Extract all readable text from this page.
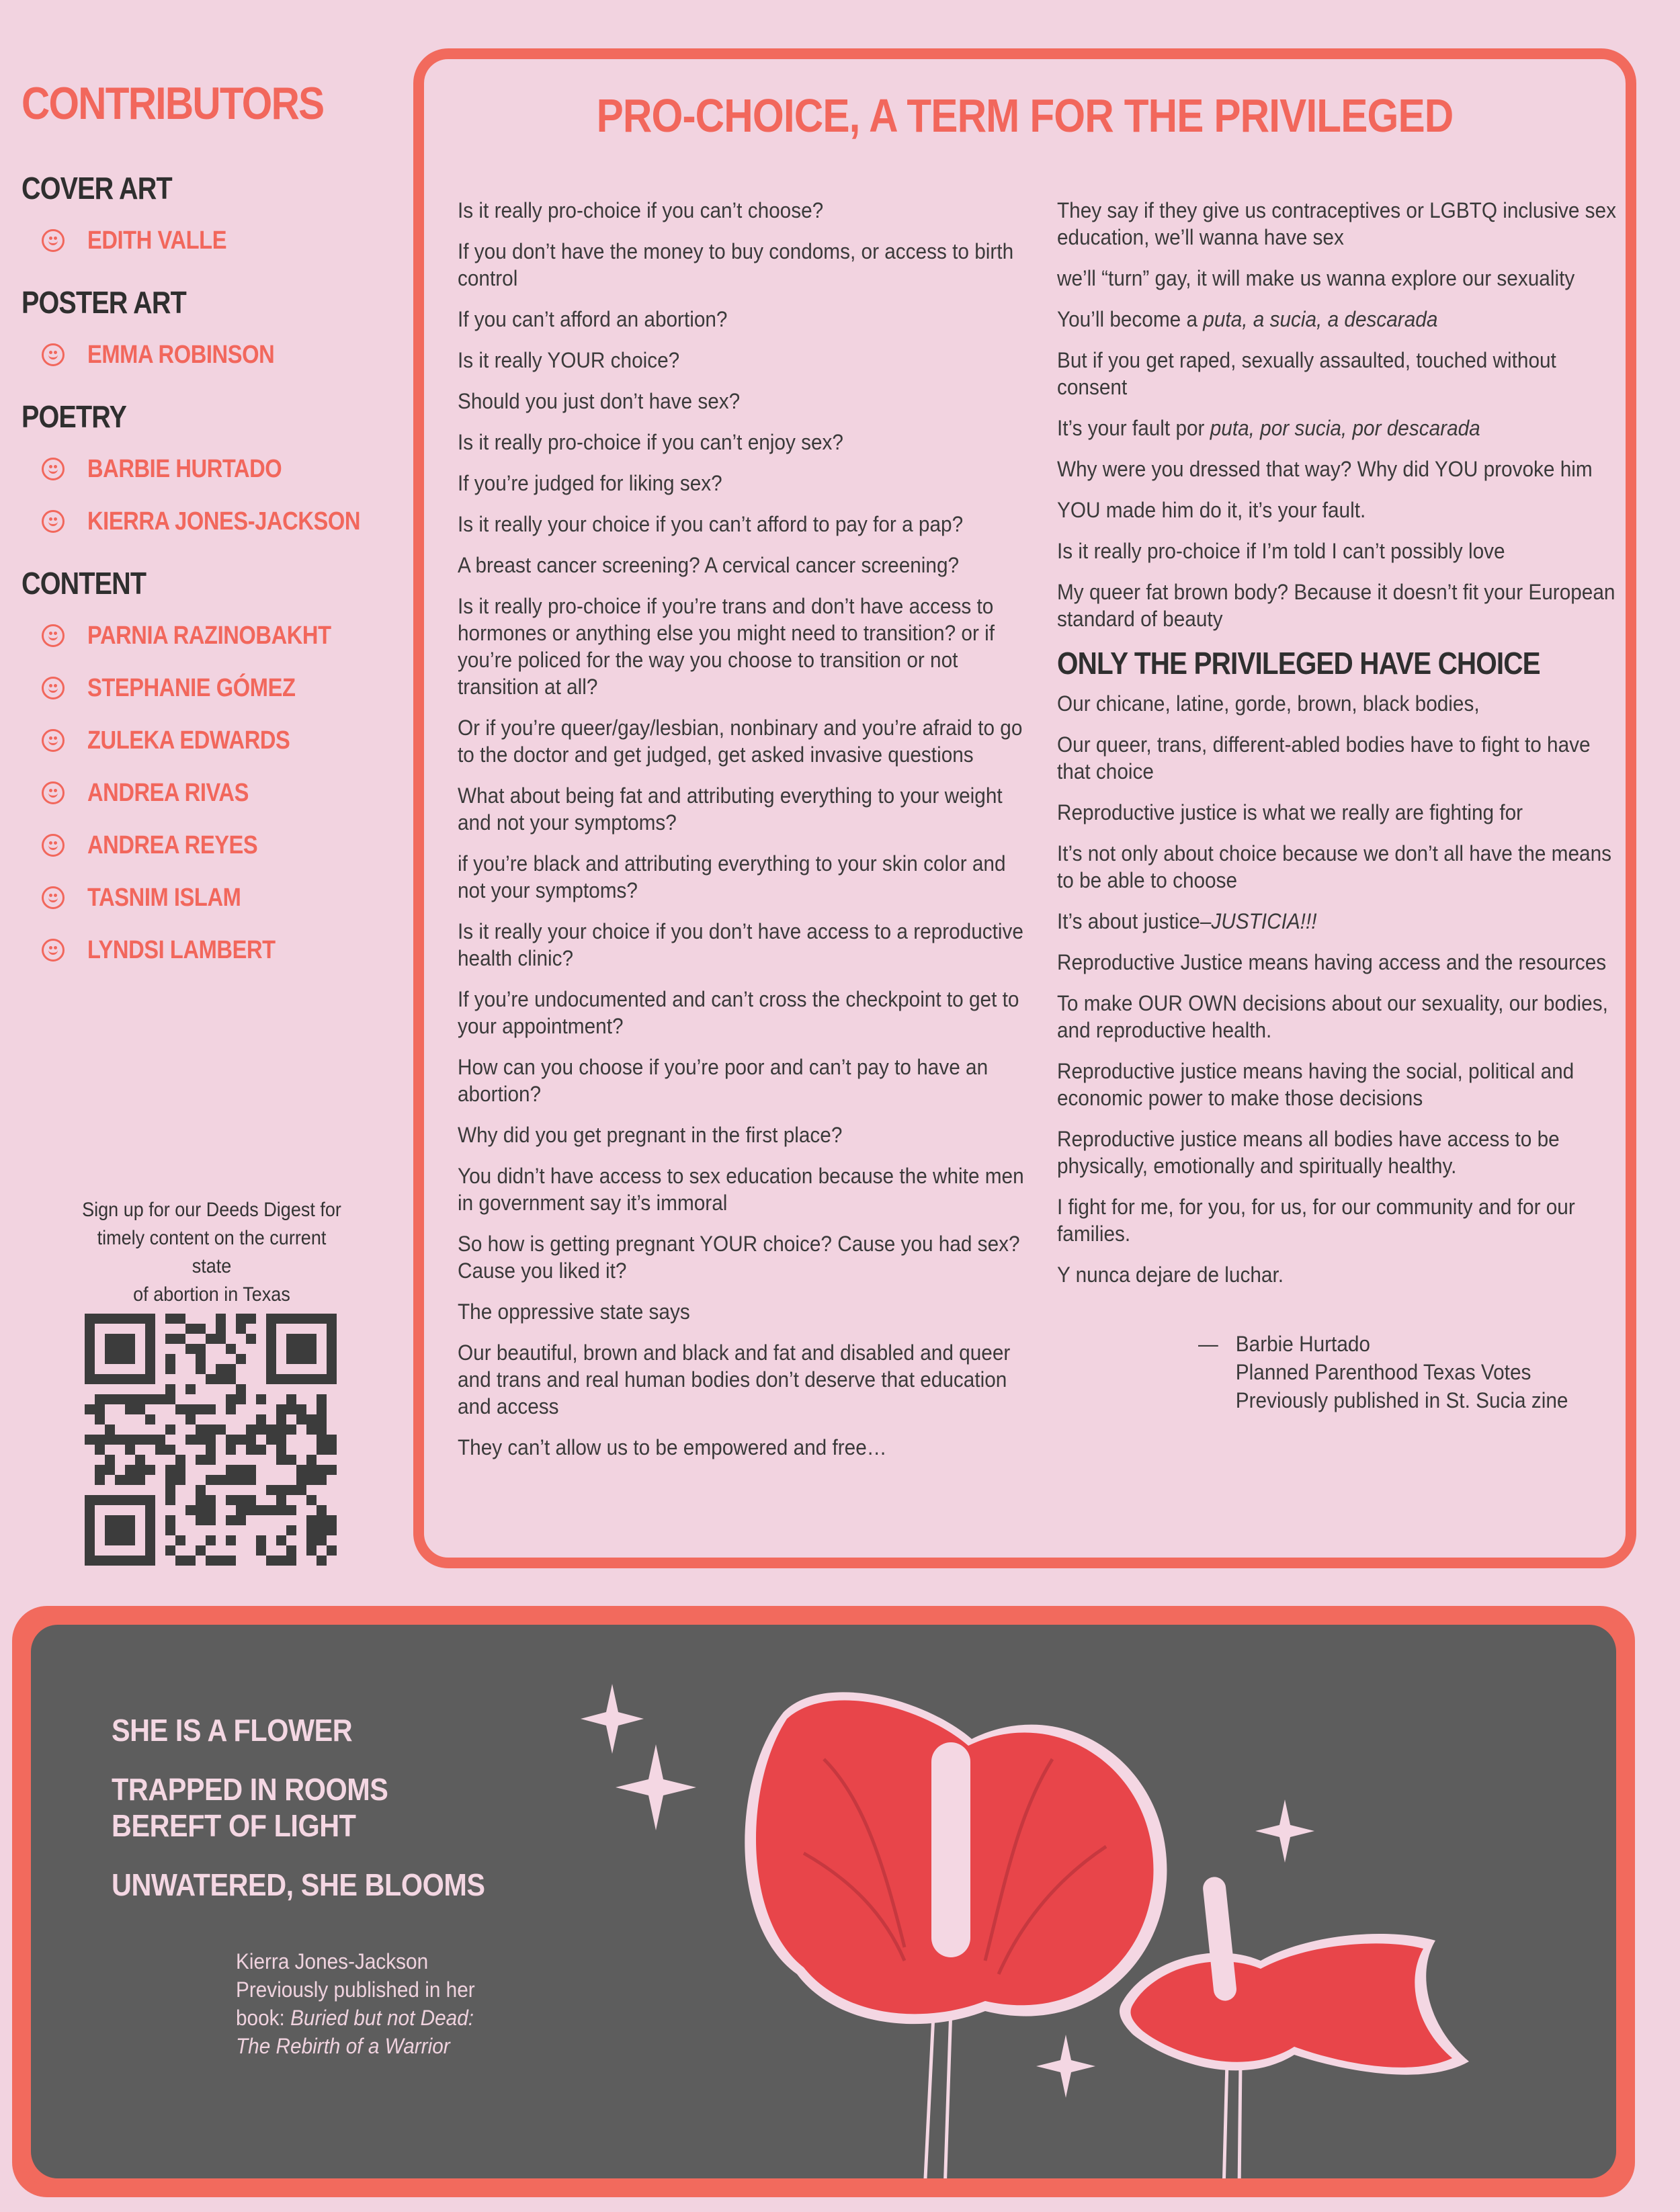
CONTRIBUTORS
COVER ART
EDITH VALLE
POSTER ART
EMMA ROBINSON
POETRY
BARBIE HURTADO
KIERRA JONES-JACKSON
CONTENT
PARNIA RAZINOBAKHT
STEPHANIE GÓMEZ
ZULEKA EDWARDS
ANDREA RIVAS
ANDREA REYES
TASNIM ISLAM
LYNDSI LAMBERT
Sign up for our Deeds Digest for
timely content on the current state
of abortion in Texas
PRO-CHOICE, A TERM FOR THE PRIVILEGED

Is it really pro-choice if you can’t choose?

If you don’t have the money to buy condoms, or access to birth control

If you can’t afford an abortion?

Is it really YOUR choice?

Should you just don’t have sex?

Is it really pro-choice if you can’t enjoy sex?

If you’re judged for liking sex?

Is it really your choice if you can’t afford to pay for a pap?

A breast cancer screening? A cervical cancer screening?

Is it really pro-choice if you’re trans and don’t have access to hormones or anything else you might need to transition? or if you’re policed for the way you choose to transition or not transition at all?

Or if you’re queer/gay/lesbian, nonbinary and you’re afraid to go to the doctor and get judged, get asked invasive questions

What about being fat and attributing everything to your weight and not your symptoms?

if you’re black and attributing everything to your skin color and not your symptoms?

Is it really your choice if you don’t have access to a reproductive health clinic?

If you’re undocumented and can’t cross the checkpoint to get to your appointment?

How can you choose if you’re poor and can’t pay to have an abortion?

Why did you get pregnant in the first place?

You didn’t have access to sex education because the white men in government say it’s immoral

So how is getting pregnant YOUR choice? Cause you had sex? Cause you liked it?

The oppressive state says

Our beautiful, brown and black and fat and disabled and queer and trans and real human bodies don’t deserve that education and access

They can’t allow us to be empowered and free…

They say if they give us contraceptives or LGBTQ inclusive sex education, we’ll wanna have sex

we’ll “turn” gay, it will make us wanna explore our sexuality

You’ll become a puta, a sucia, a descarada

But if you get raped, sexually assaulted, touched without consent

It’s your fault por puta, por sucia, por descarada

Why were you dressed that way? Why did YOU provoke him

YOU made him do it, it’s your fault.

Is it really pro-choice if I’m told I can’t possibly love

My queer fat brown body? Because it doesn’t fit your European standard of beauty

ONLY THE PRIVILEGED HAVE CHOICE

Our chicane, latine, gorde, brown, black bodies,

Our queer, trans, different-abled bodies have to fight to have that choice

Reproductive justice is what we really are fighting for

It’s not only about choice because we don’t all have the means to be able to choose

It’s about justice–JUSTICIA!!!

Reproductive Justice means having access and the resources

To make OUR OWN decisions about our sexuality, our bodies, and reproductive health.

Reproductive justice means having the social, political and economic power to make those decisions

Reproductive justice means all bodies have access to be physically, emotionally and spiritually healthy.

I fight for me, for you, for us, for our community and for our families.

Y nunca dejare de luchar.

— Barbie Hurtado
Planned Parenthood Texas Votes
Previously published in St. Sucia zine
SHE IS A FLOWER
TRAPPED IN ROOMS BEREFT OF LIGHT
UNWATERED, SHE BLOOMS
Kierra Jones-Jackson
Previously published in her
book: Buried but not Dead:
The Rebirth of a Warrior
